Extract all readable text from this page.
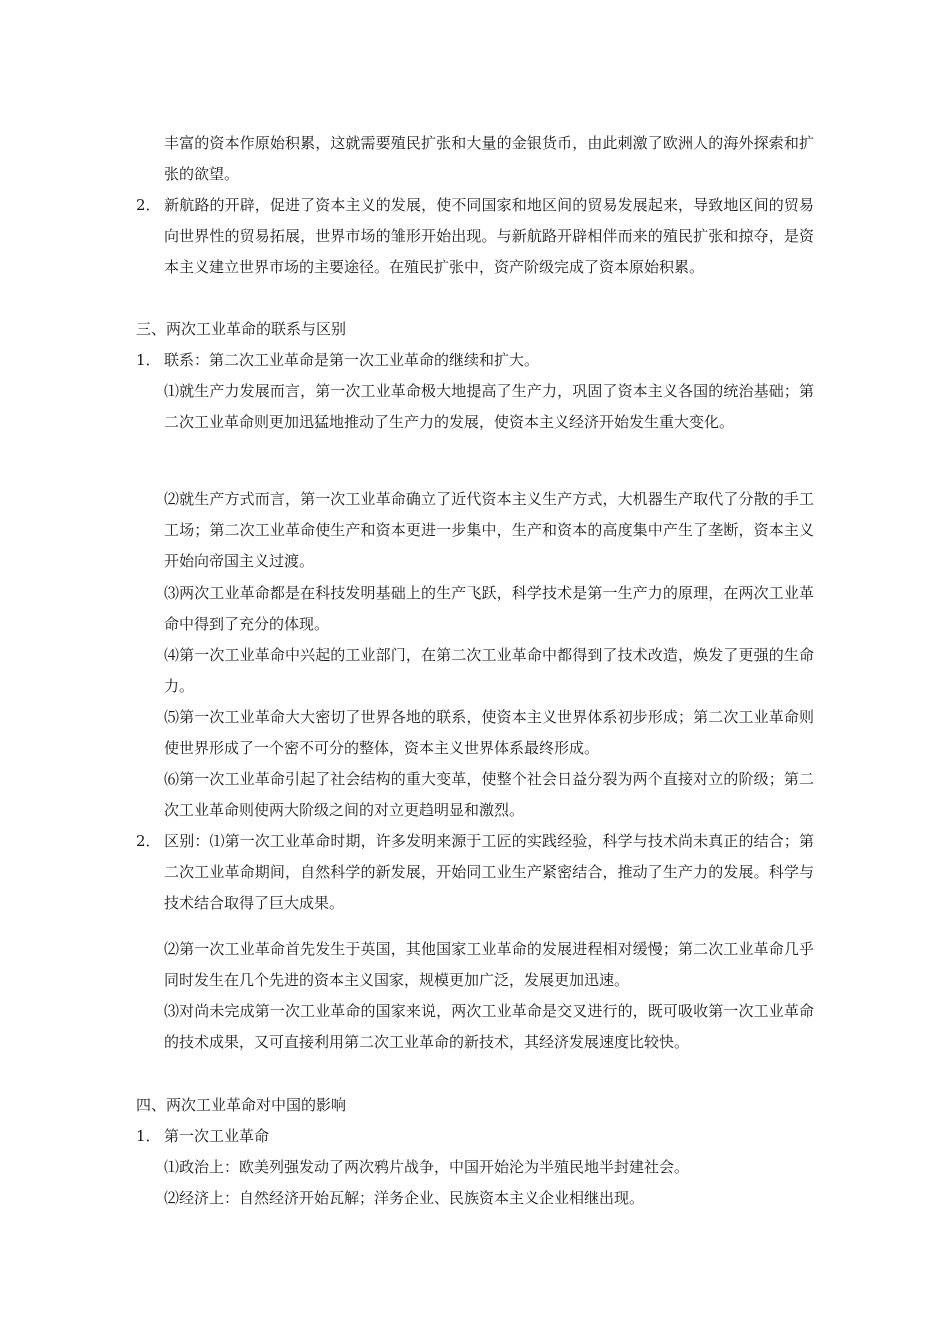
丰富的资本作原始积累，这就需要殖民扩张和大量的金银货币，由此刺激了欧洲人的海外探索和扩张的欲望。

2． 新航路的开辟，促进了资本主义的发展，使不同国家和地区间的贸易发展起来，导致地区间的贸易向世界性的贸易拓展，世界市场的雏形开始出现。与新航路开辟相伴而来的殖民扩张和掠夺，是资本主义建立世界市场的主要途径。在殖民扩张中，资产阶级完成了资本原始积累。

三、两次工业革命的联系与区别

1． 联系：第二次工业革命是第一次工业革命的继续和扩大。

⑴就生产力发展而言，第一次工业革命极大地提高了生产力，巩固了资本主义各国的统治基础；第二次工业革命则更加迅猛地推动了生产力的发展，使资本主义经济开始发生重大变化。

⑵就生产方式而言，第一次工业革命确立了近代资本主义生产方式，大机器生产取代了分散的手工工场；第二次工业革命使生产和资本更进一步集中，生产和资本的高度集中产生了垄断，资本主义开始向帝国主义过渡。

⑶两次工业革命都是在科技发明基础上的生产飞跃，科学技术是第一生产力的原理，在两次工业革命中得到了充分的体现。

⑷第一次工业革命中兴起的工业部门，在第二次工业革命中都得到了技术改造，焕发了更强的生命力。

⑸第一次工业革命大大密切了世界各地的联系，使资本主义世界体系初步形成；第二次工业革命则使世界形成了一个密不可分的整体，资本主义世界体系最终形成。

⑹第一次工业革命引起了社会结构的重大变革，使整个社会日益分裂为两个直接对立的阶级；第二次工业革命则使两大阶级之间的对立更趋明显和激烈。

2． 区别：⑴第一次工业革命时期，许多发明来源于工匠的实践经验，科学与技术尚未真正的结合；第二次工业革命期间，自然科学的新发展，开始同工业生产紧密结合，推动了生产力的发展。科学与技术结合取得了巨大成果。

⑵第一次工业革命首先发生于英国，其他国家工业革命的发展进程相对缓慢；第二次工业革命几乎同时发生在几个先进的资本主义国家，规模更加广泛，发展更加迅速。

⑶对尚未完成第一次工业革命的国家来说，两次工业革命是交叉进行的，既可吸收第一次工业革命的技术成果，又可直接利用第二次工业革命的新技术，其经济发展速度比较快。

四、两次工业革命对中国的影响

1． 第一次工业革命

⑴政治上：欧美列强发动了两次鸦片战争，中国开始沦为半殖民地半封建社会。

⑵经济上：自然经济开始瓦解；洋务企业、民族资本主义企业相继出现。
